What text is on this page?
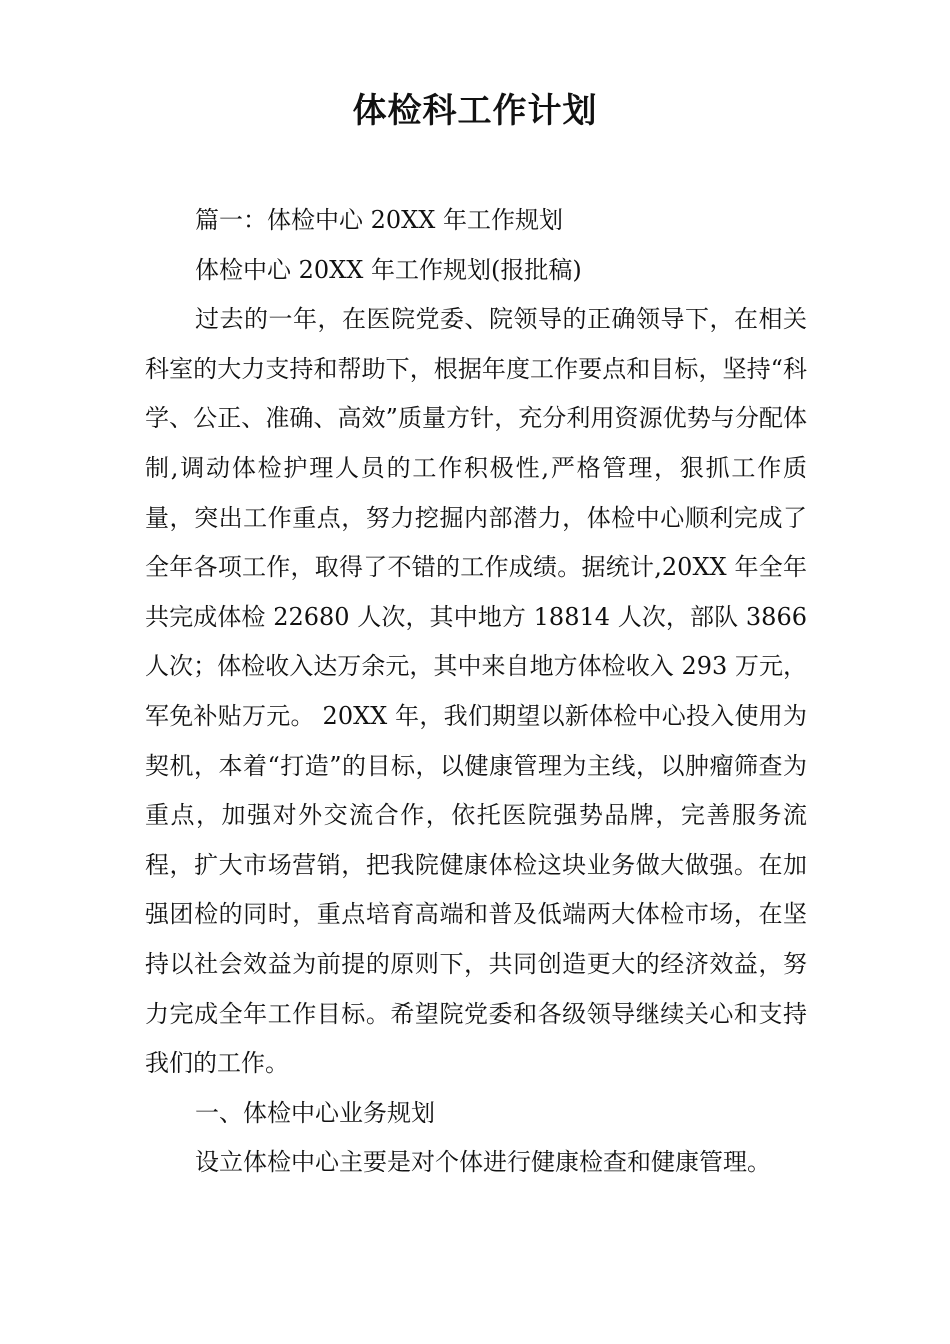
体检科工作计划

篇一：体检中心 20XX 年工作规划

体检中心 20XX 年工作规划(报批稿)

过去的一年，在医院党委、院领导的正确领导下，在相关科室的大力支持和帮助下，根据年度工作要点和目标，坚持“科学、公正、准确、高效”质量方针，充分利用资源优势与分配体制,调动体检护理人员的工作积极性,严格管理，狠抓工作质量，突出工作重点，努力挖掘内部潜力，体检中心顺利完成了全年各项工作，取得了不错的工作成绩。据统计,20XX 年全年共完成体检 22680 人次，其中地方 18814 人次，部队 3866 人次；体检收入达万余元，其中来自地方体检收入 293 万元，军免补贴万元。 20XX 年，我们期望以新体检中心投入使用为契机，本着“打造”的目标，以健康管理为主线，以肿瘤筛查为重点，加强对外交流合作，依托医院强势品牌，完善服务流程，扩大市场营销，把我院健康体检这块业务做大做强。在加强团检的同时，重点培育高端和普及低端两大体检市场，在坚持以社会效益为前提的原则下，共同创造更大的经济效益，努力完成全年工作目标。希望院党委和各级领导继续关心和支持我们的工作。

一、体检中心业务规划

设立体检中心主要是对个体进行健康检查和健康管理。
